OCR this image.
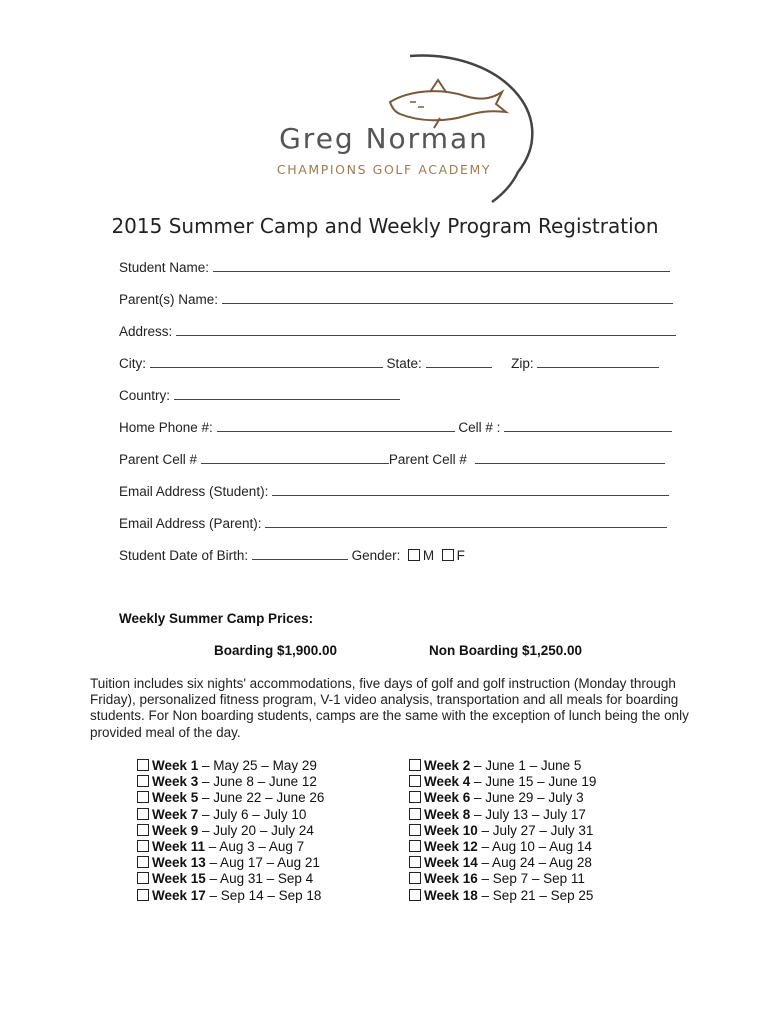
Greg Norman
CHAMPIONS GOLF ACADEMY
2015 Summer Camp and Weekly Program Registration
Student Name:
Parent(s) Name:
Address:
City:	State:	Zip:
Country:
Home Phone #:	Cell # :
Parent Cell #	Parent Cell #
Email Address (Student):
Email Address (Parent):
Student Date of Birth:	Gender: M F
Weekly Summer Camp Prices:
Boarding $1,900.00	Non Boarding $1,250.00
Tuition includes six nights' accommodations, five days of golf and golf instruction (Monday through Friday), personalized fitness program, V-1 video analysis, transportation and all meals for boarding students. For Non boarding students, camps are the same with the exception of lunch being the only provided meal of the day.
Week 1 – May 25 – May 29
Week 3 – June 8 – June 12
Week 5 – June 22 – June 26
Week 7 – July 6 – July 10
Week 9 – July 20 – July 24
Week 11 – Aug 3 – Aug 7
Week 13 – Aug 17 – Aug 21
Week 15 – Aug 31 – Sep 4
Week 17 – Sep 14 – Sep 18
Week 2 – June 1 – June 5
Week 4 – June 15 – June 19
Week 6 – June 29 – July 3
Week 8 – July 13 – July 17
Week 10 – July 27 – July 31
Week 12 – Aug 10 – Aug 14
Week 14 – Aug 24 – Aug 28
Week 16 – Sep 7 – Sep 11
Week 18 – Sep 21 – Sep 25
